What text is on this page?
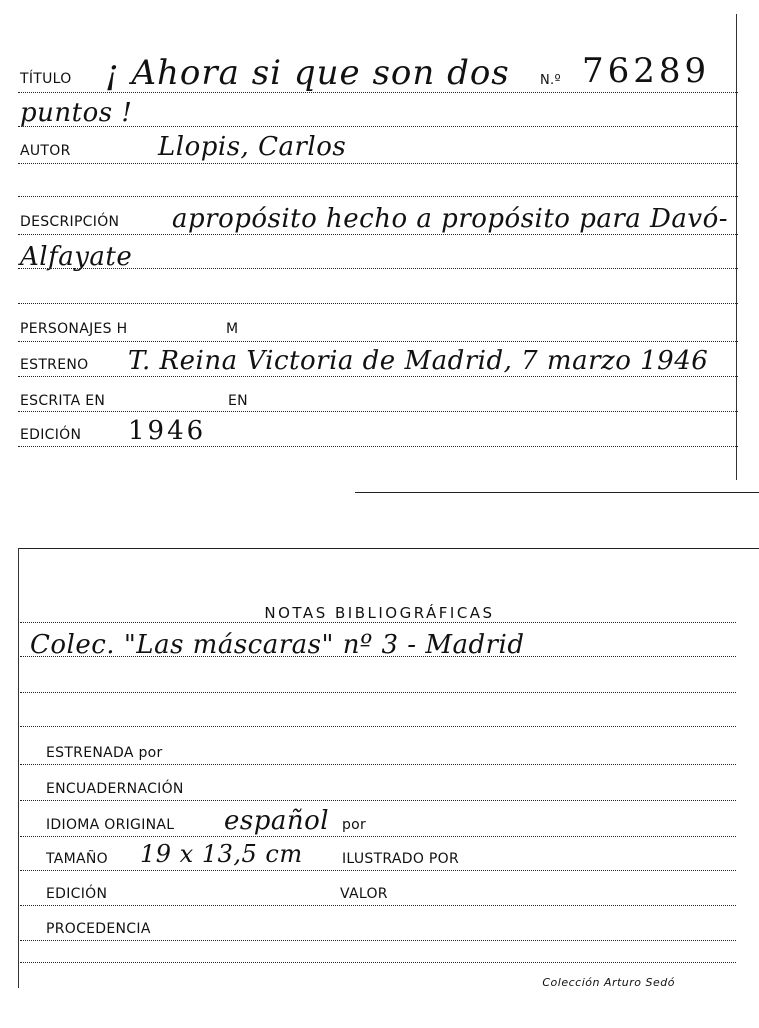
TÍTULO ¡ Ahora si que son dos N.º 76289
puntos !
AUTOR	Llopis, Carlos
DESCRIPCIÓN apropósito hecho a propósito para Davó-
Alfayate
PERSONAJES H	M
ESTRENO T. Reina Victoria de Madrid, 7 marzo 1946
ESCRITA EN	EN
EDICIÓN 1946
NOTAS BIBLIOGRÁFICAS
Colec. "Las máscaras" nº 3 - Madrid
ESTRENADA por
ENCUADERNACIÓN
IDIOMA ORIGINAL español por
TAMAÑO 19 x 13,5 cm	ILUSTRADO POR
EDICIÓN	VALOR
PROCEDENCIA
Colección Arturo Sedó
